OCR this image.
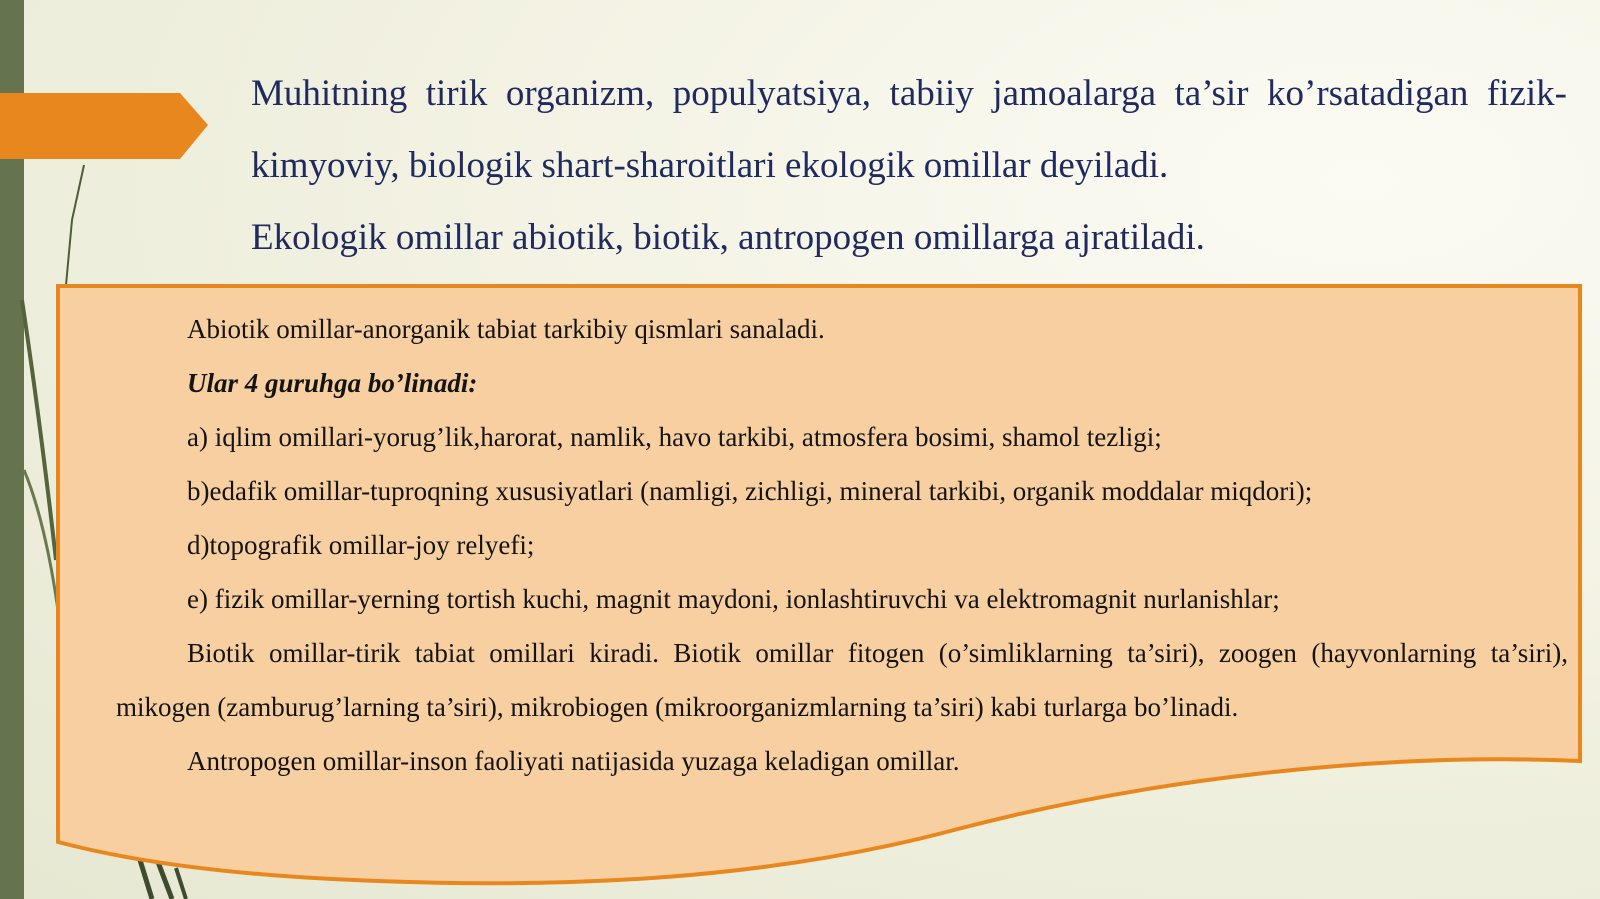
Muhitning tirik organizm, populyatsiya, tabiiy jamoalarga ta’sir ko’rsatadigan fizik-kimyoviy, biologik shart-sharoitlari ekologik omillar deyiladi.

Ekologik omillar abiotik, biotik, antropogen omillarga ajratiladi.

Abiotik omillar-anorganik tabiat tarkibiy qismlari sanaladi.

Ular 4 guruhga bo’linadi:

a) iqlim omillari-yorug’lik,harorat, namlik, havo tarkibi, atmosfera bosimi, shamol tezligi;

b)edafik omillar-tuproqning xususiyatlari (namligi, zichligi, mineral tarkibi, organik moddalar miqdori);

d)topografik omillar-joy relyefi;

e) fizik omillar-yerning tortish kuchi, magnit maydoni, ionlashtiruvchi va elektromagnit nurlanishlar;

Biotik omillar-tirik tabiat omillari kiradi. Biotik omillar fitogen (o’simliklarning ta’siri), zoogen (hayvonlarning ta’siri), mikogen (zamburug’larning ta’siri), mikrobiogen (mikroorganizmlarning ta’siri) kabi turlarga bo’linadi.

Antropogen omillar-inson faoliyati natijasida yuzaga keladigan omillar.
